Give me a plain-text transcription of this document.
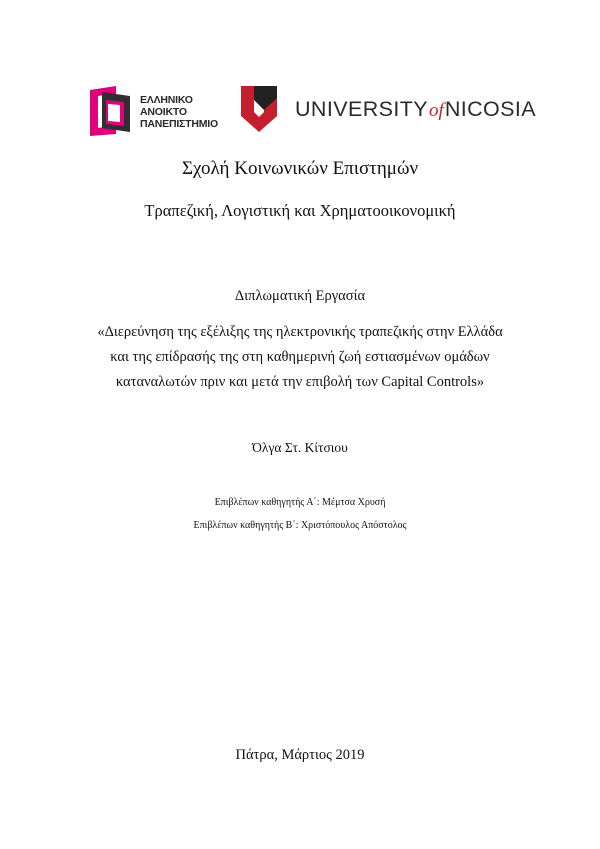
ΕΛΛΗΝΙΚΟ
ΑΝΟΙΚΤΟ
ΠΑΝΕΠΙΣΤΗΜΙΟ
UNIVERSITYofNICOSIA
Σχολή Κοινωνικών Επιστημών
Τραπεζική, Λογιστική και Χρηματοοικονομική
Διπλωματική Εργασία
«Διερεύνηση της εξέλιξης της ηλεκτρονικής τραπεζικής στην Ελλάδα
και της επίδρασής της στη καθημερινή ζωή εστιασμένων ομάδων
καταναλωτών πριν και μετά την επιβολή των Capital Controls»
Όλγα Στ. Κίτσιου
Επιβλέπων καθηγητής Α΄: Μέμτσα Χρυσή
Επιβλέπων καθηγητής Β΄: Χριστόπουλος Απόστολος
Πάτρα, Μάρτιος 2019
